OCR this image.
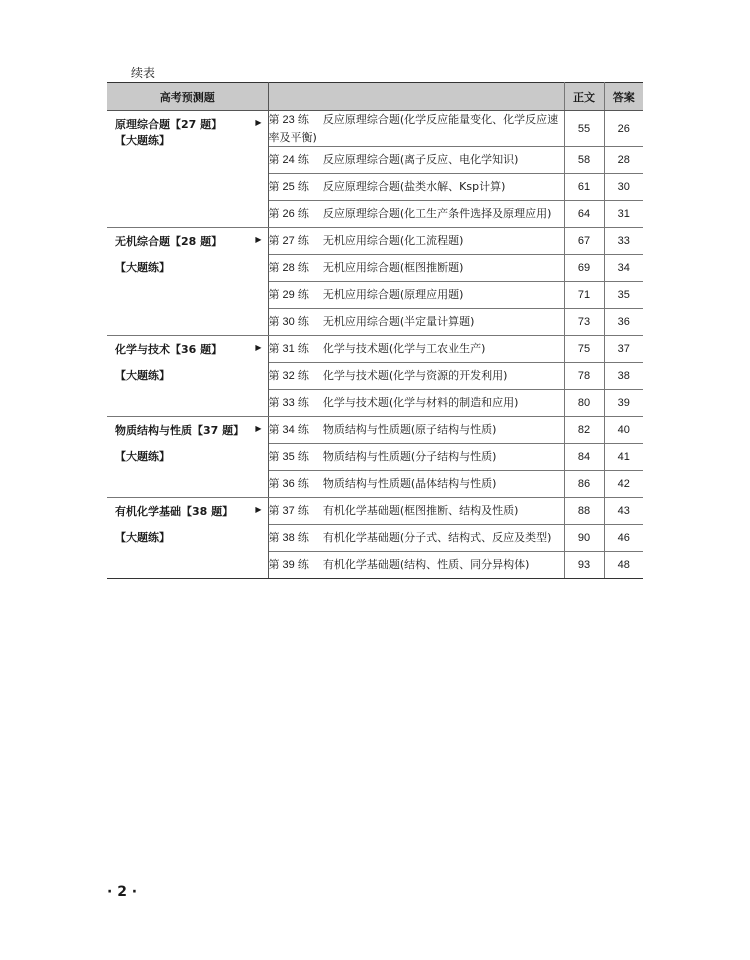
续表
高考预测题		正文	答案

原理综合题【27 题】
【大题练】
▶	第 23 练 反应原理综合题(化学反应能量变化、化学反应速率及平衡)	55	26
	第 24 练 反应原理综合题(离子反应、电化学知识)	58	28
	第 25 练 反应原理综合题(盐类水解、Ksp计算)	61	30
	第 26 练 反应原理综合题(化工生产条件选择及原理应用)	64	31

无机综合题【28 题】
【大题练】
▶	第 27 练 无机应用综合题(化工流程题)	67	33
	第 28 练 无机应用综合题(框图推断题)	69	34
	第 29 练 无机应用综合题(原理应用题)	71	35
	第 30 练 无机应用综合题(半定量计算题)	73	36

化学与技术【36 题】
【大题练】
▶	第 31 练 化学与技术题(化学与工农业生产)	75	37
	第 32 练 化学与技术题(化学与资源的开发利用)	78	38
	第 33 练 化学与技术题(化学与材料的制造和应用)	80	39

物质结构与性质【37 题】
【大题练】
▶	第 34 练 物质结构与性质题(原子结构与性质)	82	40
	第 35 练 物质结构与性质题(分子结构与性质)	84	41
	第 36 练 物质结构与性质题(晶体结构与性质)	86	42

有机化学基础【38 题】
【大题练】
▶	第 37 练 有机化学基础题(框图推断、结构及性质)	88	43
	第 38 练 有机化学基础题(分子式、结构式、反应及类型)	90	46
	第 39 练 有机化学基础题(结构、性质、同分异构体)	93	48
· 2 ·
